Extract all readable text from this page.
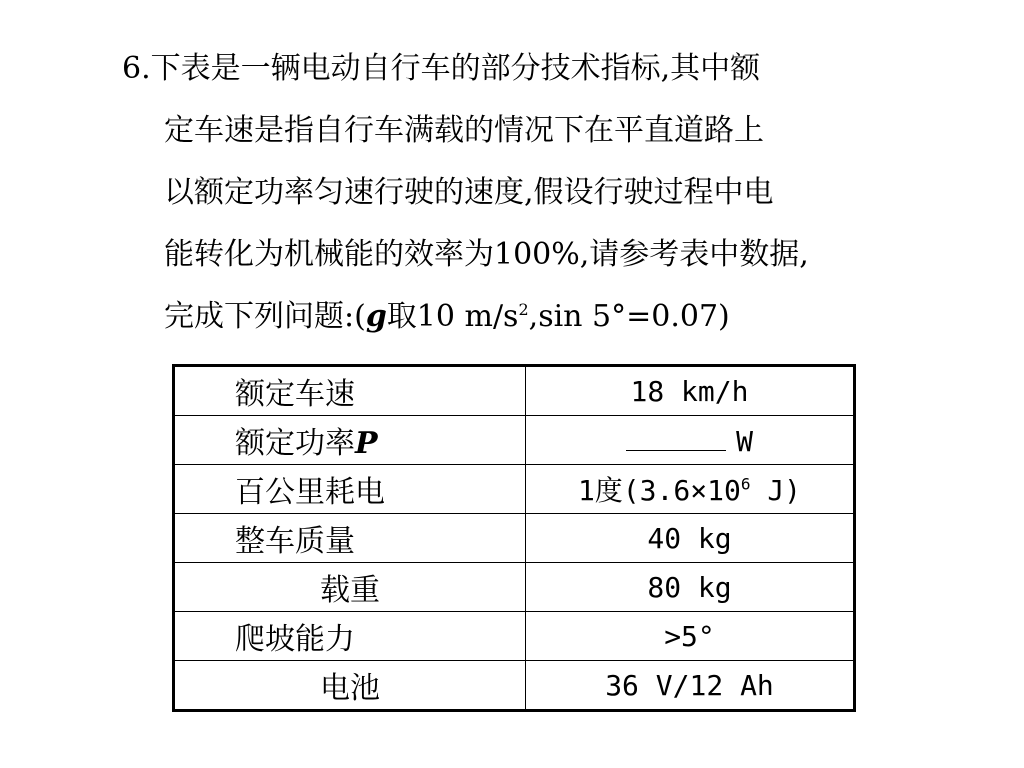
6.下表是一辆电动自行车的部分技术指标,其中额
定车速是指自行车满载的情况下在平直道路上
以额定功率匀速行驶的速度,假设行驶过程中电
能转化为机械能的效率为100%,请参考表中数据,
完成下列问题:(g取10 $m/s^2,\sin$ 5°=0.07)
额定车速	18 km/h
额定功率P	W
百公里耗电	1度($3.6\times 10^6$ J)
整车质量	40 kg
载重	80 kg
爬坡能力	>5°
电池	36 V/12 Ah
